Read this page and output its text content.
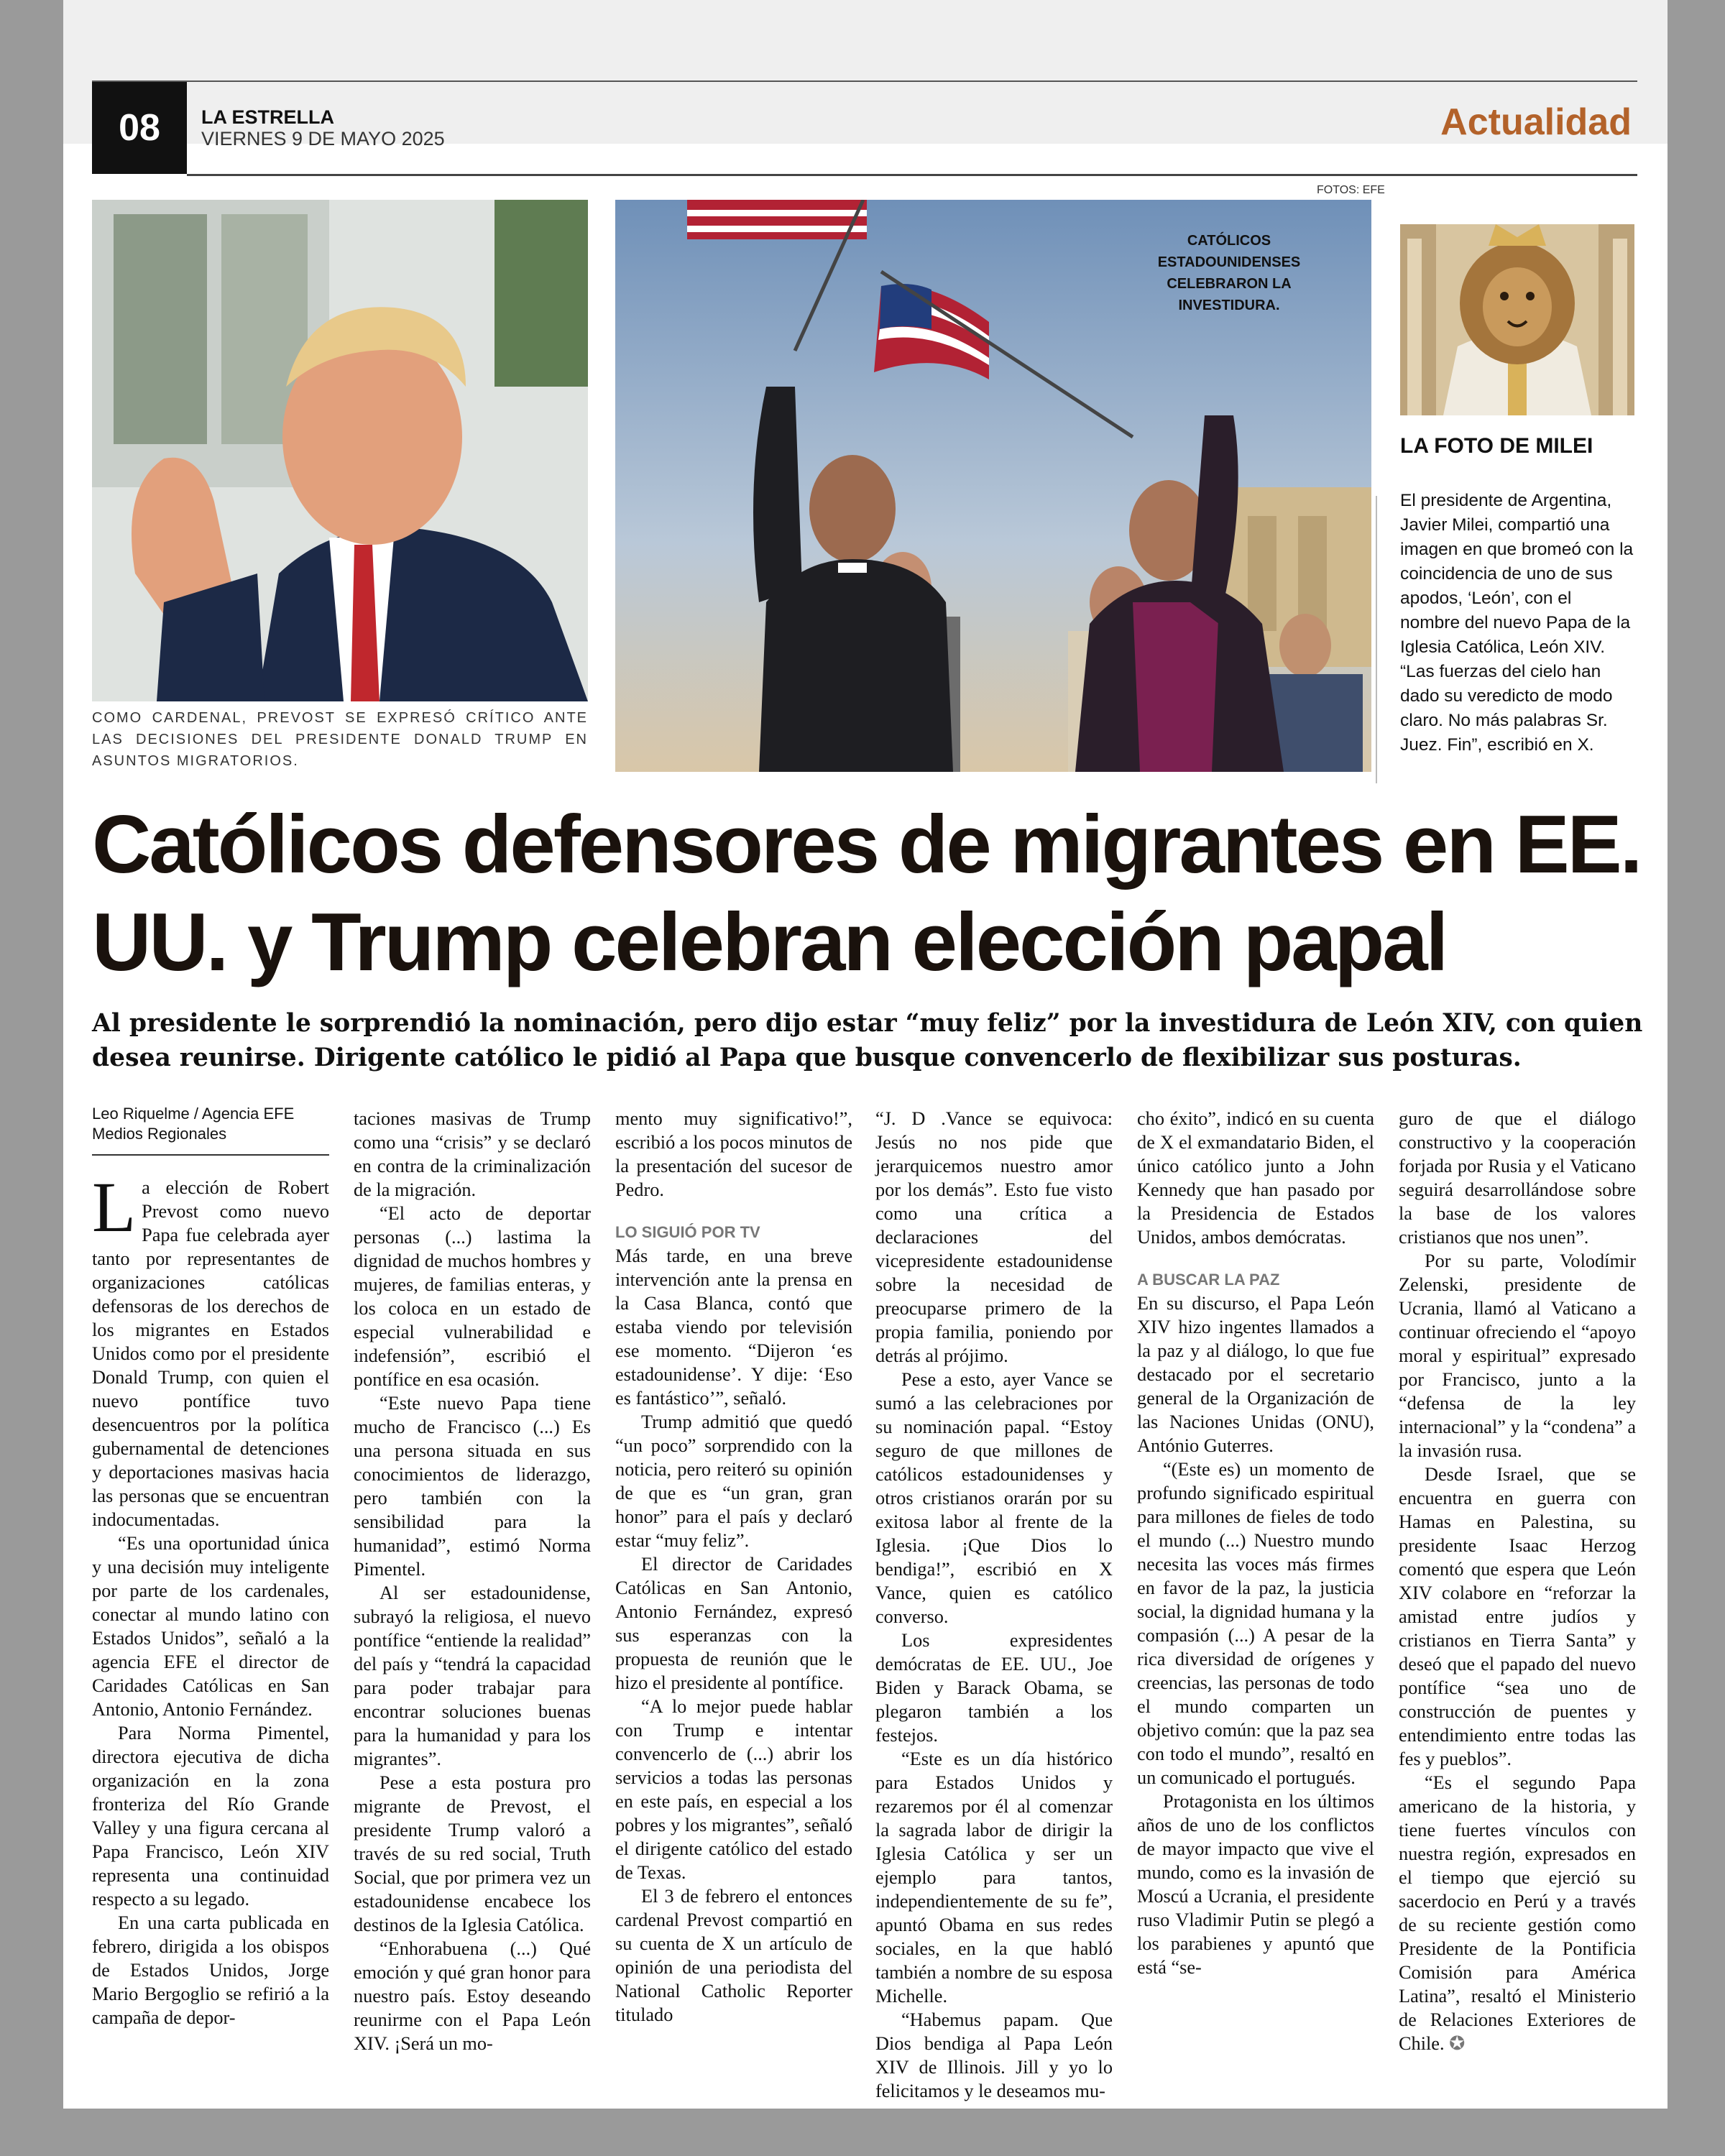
08	LA ESTRELLA
VIERNES 9 DE MAYO 2025	Actualidad
FOTOS: EFE
COMO CARDENAL, PREVOST SE EXPRESÓ CRÍTICO ANTE LAS DECISIONES DEL PRESIDENTE DONALD TRUMP EN ASUNTOS MIGRATORIOS.
CATÓLICOS ESTADOUNIDENSES CELEBRARON LA INVESTIDURA.
LA FOTO DE MILEI
El presidente de Argentina, Javier Milei, compartió una imagen en que bromeó con la coincidencia de uno de sus apodos, ‘León’, con el nombre del nuevo Papa de la Iglesia Católica, León XIV. “Las fuerzas del cielo han dado su veredicto de modo claro. No más palabras Sr. Juez. Fin”, escribió en X.
Católicos defensores de migrantes en EE. UU. y Trump celebran elección papal
Al presidente le sorprendió la nominación, pero dijo estar “muy feliz” por la investidura de León XIV, con quien desea reunirse. Dirigente católico le pidió al Papa que busque convencerlo de flexibilizar sus posturas.
Leo Riquelme / Agencia EFE
Medios Regionales

La elección de Robert Prevost como nuevo Papa fue celebrada ayer tanto por representantes de organizaciones católicas defensoras de los derechos de los migrantes en Estados Unidos como por el presidente Donald Trump, con quien el nuevo pontífice tuvo desencuentros por la política gubernamental de detenciones y deportaciones masivas hacia las personas que se encuentran indocumentadas.

“Es una oportunidad única y una decisión muy inteligente por parte de los cardenales, conectar al mundo latino con Estados Unidos”, señaló a la agencia EFE el director de Caridades Católicas en San Antonio, Antonio Fernández.

Para Norma Pimentel, directora ejecutiva de dicha organización en la zona fronteriza del Río Grande Valley y una figura cercana al Papa Francisco, León XIV representa una continuidad respecto a su legado.

En una carta publicada en febrero, dirigida a los obispos de Estados Unidos, Jorge Mario Bergoglio se refirió a la campaña de depor-

taciones masivas de Trump como una “crisis” y se declaró en contra de la criminalización de la migración.

“El acto de deportar personas (...) lastima la dignidad de muchos hombres y mujeres, de familias enteras, y los coloca en un estado de especial vulnerabilidad e indefensión”, escribió el pontífice en esa ocasión.

“Este nuevo Papa tiene mucho de Francisco (...) Es una persona situada en sus conocimientos de liderazgo, pero también con la sensibilidad para la humanidad”, estimó Norma Pimentel.

Al ser estadounidense, subrayó la religiosa, el nuevo pontífice “entiende la realidad” del país y “tendrá la capacidad para poder trabajar para encontrar soluciones buenas para la humanidad y para los migrantes”.

Pese a esta postura pro migrante de Prevost, el presidente Trump valoró a través de su red social, Truth Social, que por primera vez un estadounidense encabece los destinos de la Iglesia Católica.

“Enhorabuena (...) Qué emoción y qué gran honor para nuestro país. Estoy deseando reunirme con el Papa León XIV. ¡Será un mo-

mento muy significativo!”, escribió a los pocos minutos de la presentación del sucesor de Pedro.

LO SIGUIÓ POR TV

Más tarde, en una breve intervención ante la prensa en la Casa Blanca, contó que estaba viendo por televisión ese momento. “Dijeron ‘es estadounidense’. Y dije: ‘Eso es fantástico’”, señaló.

Trump admitió que quedó “un poco” sorprendido con la noticia, pero reiteró su opinión de que es “un gran, gran honor” para el país y declaró estar “muy feliz”.

El director de Caridades Católicas en San Antonio, Antonio Fernández, expresó sus esperanzas con la propuesta de reunión que le hizo el presidente al pontífice.

“A lo mejor puede hablar con Trump e intentar convencerlo de (...) abrir los servicios a todas las personas en este país, en especial a los pobres y los migrantes”, señaló el dirigente católico del estado de Texas.

El 3 de febrero el entonces cardenal Prevost compartió en su cuenta de X un artículo de opinión de una periodista del National Catholic Reporter titulado

“J. D .Vance se equivoca: Jesús no nos pide que jerarquicemos nuestro amor por los demás”. Esto fue visto como una crítica a declaraciones del vicepresidente estadounidense sobre la necesidad de preocuparse primero de la propia familia, poniendo por detrás al prójimo.

Pese a esto, ayer Vance se sumó a las celebraciones por su nominación papal. “Estoy seguro de que millones de católicos estadounidenses y otros cristianos orarán por su exitosa labor al frente de la Iglesia. ¡Que Dios lo bendiga!”, escribió en X Vance, quien es católico converso.

Los expresidentes demócratas de EE. UU., Joe Biden y Barack Obama, se plegaron también a los festejos.

“Este es un día histórico para Estados Unidos y rezaremos por él al comenzar la sagrada labor de dirigir la Iglesia Católica y ser un ejemplo para tantos, independientemente de su fe”, apuntó Obama en sus redes sociales, en la que habló también a nombre de su esposa Michelle.

“Habemus papam. Que Dios bendiga al Papa León XIV de Illinois. Jill y yo lo felicitamos y le deseamos mu-

cho éxito”, indicó en su cuenta de X el exmandatario Biden, el único católico junto a John Kennedy que han pasado por la Presidencia de Estados Unidos, ambos demócratas.

A BUSCAR LA PAZ

En su discurso, el Papa León XIV hizo ingentes llamados a la paz y al diálogo, lo que fue destacado por el secretario general de la Organización de las Naciones Unidas (ONU), António Guterres.

“(Este es) un momento de profundo significado espiritual para millones de fieles de todo el mundo (...) Nuestro mundo necesita las voces más firmes en favor de la paz, la justicia social, la dignidad humana y la compasión (...) A pesar de la rica diversidad de orígenes y creencias, las personas de todo el mundo comparten un objetivo común: que la paz sea con todo el mundo”, resaltó en un comunicado el portugués.

Protagonista en los últimos años de uno de los conflictos de mayor impacto que vive el mundo, como es la invasión de Moscú a Ucrania, el presidente ruso Vladimir Putin se plegó a los parabienes y apuntó que está “se-

guro de que el diálogo constructivo y la cooperación forjada por Rusia y el Vaticano seguirá desarrollándose sobre la base de los valores cristianos que nos unen”.

Por su parte, Volodímir Zelenski, presidente de Ucrania, llamó al Vaticano a continuar ofreciendo el “apoyo moral y espiritual” expresado por Francisco, junto a la “defensa de la ley internacional” y la “condena” a la invasión rusa.

Desde Israel, que se encuentra en guerra con Hamas en Palestina, su presidente Isaac Herzog comentó que espera que León XIV colabore en “reforzar la amistad entre judíos y cristianos en Tierra Santa” y deseó que el papado del nuevo pontífice “sea uno de construcción de puentes y entendimiento entre todas las fes y pueblos”.

“Es el segundo Papa americano de la historia, y tiene fuertes vínculos con nuestra región, expresados en el tiempo que ejerció su sacerdocio en Perú y a través de su reciente gestión como Presidente de la Pontificia Comisión para América Latina”, resaltó el Ministerio de Relaciones Exteriores de Chile. ✪
